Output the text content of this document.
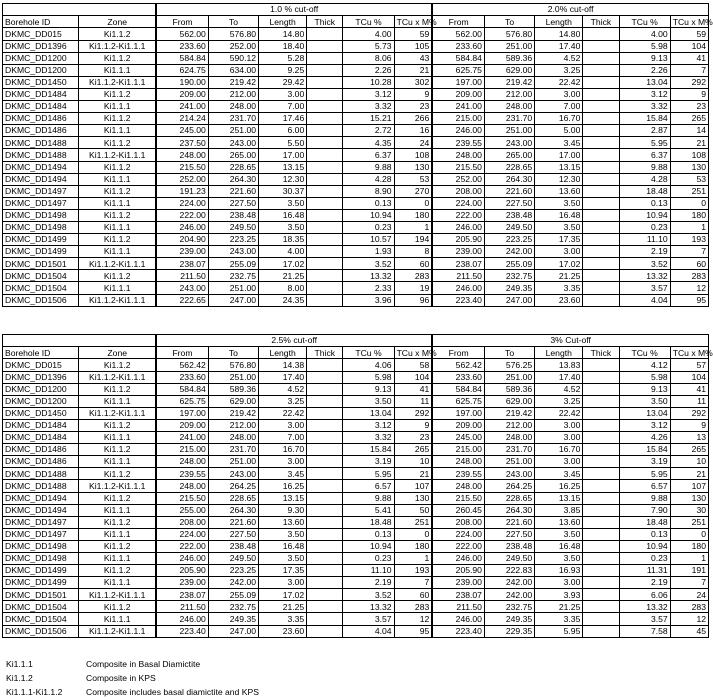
		1.0 % cut-off						2.0% cut-off					
Borehole ID	Zone	From	To	Length	Thick	TCu %	TCu x M%	From	To	Length	Thick	TCu %	TCu x M%
DKMC_DD015	Ki1.1.2	562.00	576.80	14.80		4.00	59	562.00	576.80	14.80		4.00	59
DKMC_DD1396	Ki1.1.2-Ki1.1.1	233.60	252.00	18.40		5.73	105	233.60	251.00	17.40		5.98	104
DKMC_DD1200	Ki1.1.2	584.84	590.12	5.28		8.06	43	584.84	589.36	4.52		9.13	41
DKMC_DD1200	Ki1.1.1	624.75	634.00	9.25		2.26	21	625.75	629.00	3.25		2.26	7
DKMC_DD1450	Ki1.1.2-Ki1.1.1	190.00	219.42	29.42		10.28	302	197.00	219.42	22.42		13.04	292
DKMC_DD1484	Ki1.1.2	209.00	212.00	3.00		3.12	9	209.00	212.00	3.00		3.12	9
DKMC_DD1484	Ki1.1.1	241.00	248.00	7.00		3.32	23	241.00	248.00	7.00		3.32	23
DKMC_DD1486	Ki1.1.2	214.24	231.70	17.46		15.21	266	215.00	231.70	16.70		15.84	265
DKMC_DD1486	Ki1.1.1	245.00	251.00	6.00		2.72	16	246.00	251.00	5.00		2.87	14
DKMC_DD1488	Ki1.1.2	237.50	243.00	5.50		4.35	24	239.55	243.00	3.45		5.95	21
DKMC_DD1488	Ki1.1.2-Ki1.1.1	248.00	265.00	17.00		6.37	108	248.00	265.00	17.00		6.37	108
DKMC_DD1494	Ki1.1.2	215.50	228.65	13.15		9.88	130	215.50	228.65	13.15		9.88	130
DKMC_DD1494	Ki1.1.1	252.00	264.30	12.30		4.28	53	252.00	264.30	12.30		4.28	53
DKMC_DD1497	Ki1.1.2	191.23	221.60	30.37		8.90	270	208.00	221.60	13.60		18.48	251
DKMC_DD1497	Ki1.1.1	224.00	227.50	3.50		0.13	0	224.00	227.50	3.50		0.13	0
DKMC_DD1498	Ki1.1.2	222.00	238.48	16.48		10.94	180	222.00	238.48	16.48		10.94	180
DKMC_DD1498	Ki1.1.1	246.00	249.50	3.50		0.23	1	246.00	249.50	3.50		0.23	1
DKMC_DD1499	Ki1.1.2	204.90	223.25	18.35		10.57	194	205.90	223.25	17.35		11.10	193
DKMC_DD1499	Ki1.1.1	239.00	243.00	4.00		1.93	8	239.00	242.00	3.00		2.19	7
DKMC_DD1501	Ki1.1.2-Ki1.1.1	238.07	255.09	17.02		3.52	60	238.07	255.09	17.02		3.52	60
DKMC_DD1504	Ki1.1.2	211.50	232.75	21.25		13.32	283	211.50	232.75	21.25		13.32	283
DKMC_DD1504	Ki1.1.1	243.00	251.00	8.00		2.33	19	246.00	249.35	3.35		3.57	12
DKMC_DD1506	Ki1.1.2-Ki1.1.1	222.65	247.00	24.35		3.96	96	223.40	247.00	23.60		4.04	95
		2.5% cut-off						3% Cut-off					
Borehole ID	Zone	From	To	Length	Thick	TCu %	TCu x M%	From	To	Length	Thick	TCu %	TCu x M%
DKMC_DD015	Ki1.1.2	562.42	576.80	14.38		4.06	58	562.42	576.25	13.83		4.12	57
DKMC_DD1396	Ki1.1.2-Ki1.1.1	233.60	251.00	17.40		5.98	104	233.60	251.00	17.40		5.98	104
DKMC_DD1200	Ki1.1.2	584.84	589.36	4.52		9.13	41	584.84	589.36	4.52		9.13	41
DKMC_DD1200	Ki1.1.1	625.75	629.00	3.25		3.50	11	625.75	629.00	3.25		3.50	11
DKMC_DD1450	Ki1.1.2-Ki1.1.1	197.00	219.42	22.42		13.04	292	197.00	219.42	22.42		13.04	292
DKMC_DD1484	Ki1.1.2	209.00	212.00	3.00		3.12	9	209.00	212.00	3.00		3.12	9
DKMC_DD1484	Ki1.1.1	241.00	248.00	7.00		3.32	23	245.00	248.00	3.00		4.26	13
DKMC_DD1486	Ki1.1.2	215.00	231.70	16.70		15.84	265	215.00	231.70	16.70		15.84	265
DKMC_DD1486	Ki1.1.1	248.00	251.00	3.00		3.19	10	248.00	251.00	3.00		3.19	10
DKMC_DD1488	Ki1.1.2	239.55	243.00	3.45		5.95	21	239.55	243.00	3.45		5.95	21
DKMC_DD1488	Ki1.1.2-Ki1.1.1	248.00	264.25	16.25		6.57	107	248.00	264.25	16.25		6.57	107
DKMC_DD1494	Ki1.1.2	215.50	228.65	13.15		9.88	130	215.50	228.65	13.15		9.88	130
DKMC_DD1494	Ki1.1.1	255.00	264.30	9.30		5.41	50	260.45	264.30	3.85		7.90	30
DKMC_DD1497	Ki1.1.2	208.00	221.60	13.60		18.48	251	208.00	221.60	13.60		18.48	251
DKMC_DD1497	Ki1.1.1	224.00	227.50	3.50		0.13	0	224.00	227.50	3.50		0.13	0
DKMC_DD1498	Ki1.1.2	222.00	238.48	16.48		10.94	180	222.00	238.48	16.48		10.94	180
DKMC_DD1498	Ki1.1.1	246.00	249.50	3.50		0.23	1	246.00	249.50	3.50		0.23	1
DKMC_DD1499	Ki1.1.2	205.90	223.25	17.35		11.10	193	205.90	222.83	16.93		11.31	191
DKMC_DD1499	Ki1.1.1	239.00	242.00	3.00		2.19	7	239.00	242.00	3.00		2.19	7
DKMC_DD1501	Ki1.1.2-Ki1.1.1	238.07	255.09	17.02		3.52	60	238.07	242.00	3.93		6.06	24
DKMC_DD1504	Ki1.1.2	211.50	232.75	21.25		13.32	283	211.50	232.75	21.25		13.32	283
DKMC_DD1504	Ki1.1.1	246.00	249.35	3.35		3.57	12	246.00	249.35	3.35		3.57	12
DKMC_DD1506	Ki1.1.2-Ki1.1.1	223.40	247.00	23.60		4.04	95	223.40	229.35	5.95		7.58	45
Ki1.1.1	Composite in Basal Diamictite
Ki1.1.2	Composite in KPS
Ki1.1.1-Ki1.1.2	Composite includes basal diamictite and KPS
